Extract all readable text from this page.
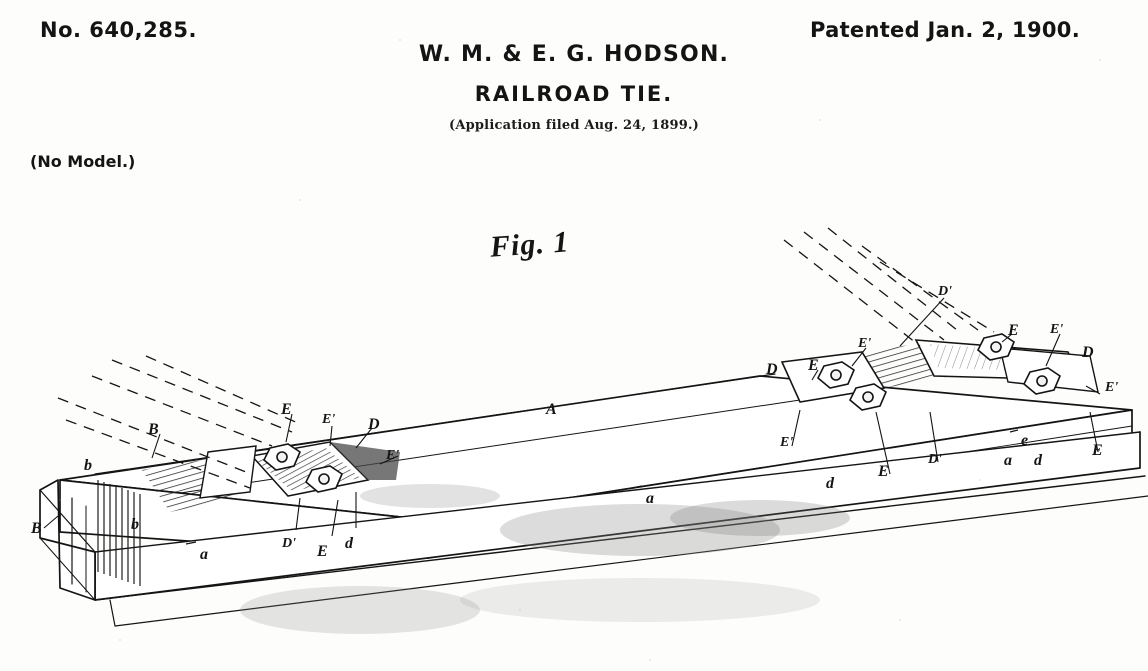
No. 640,285.	Patented Jan. 2, 1900.
W. M. & E. G. HODSON.
RAILROAD TIE.
(Application filed Aug. 24, 1899.)
(No Model.)
Fig. 1
a
b
b
B
B
E
E' D
E'
D' E d
a
A
E'
D E
E'
D'
E E'
D
E'
E
d
E
D'	a d
e
